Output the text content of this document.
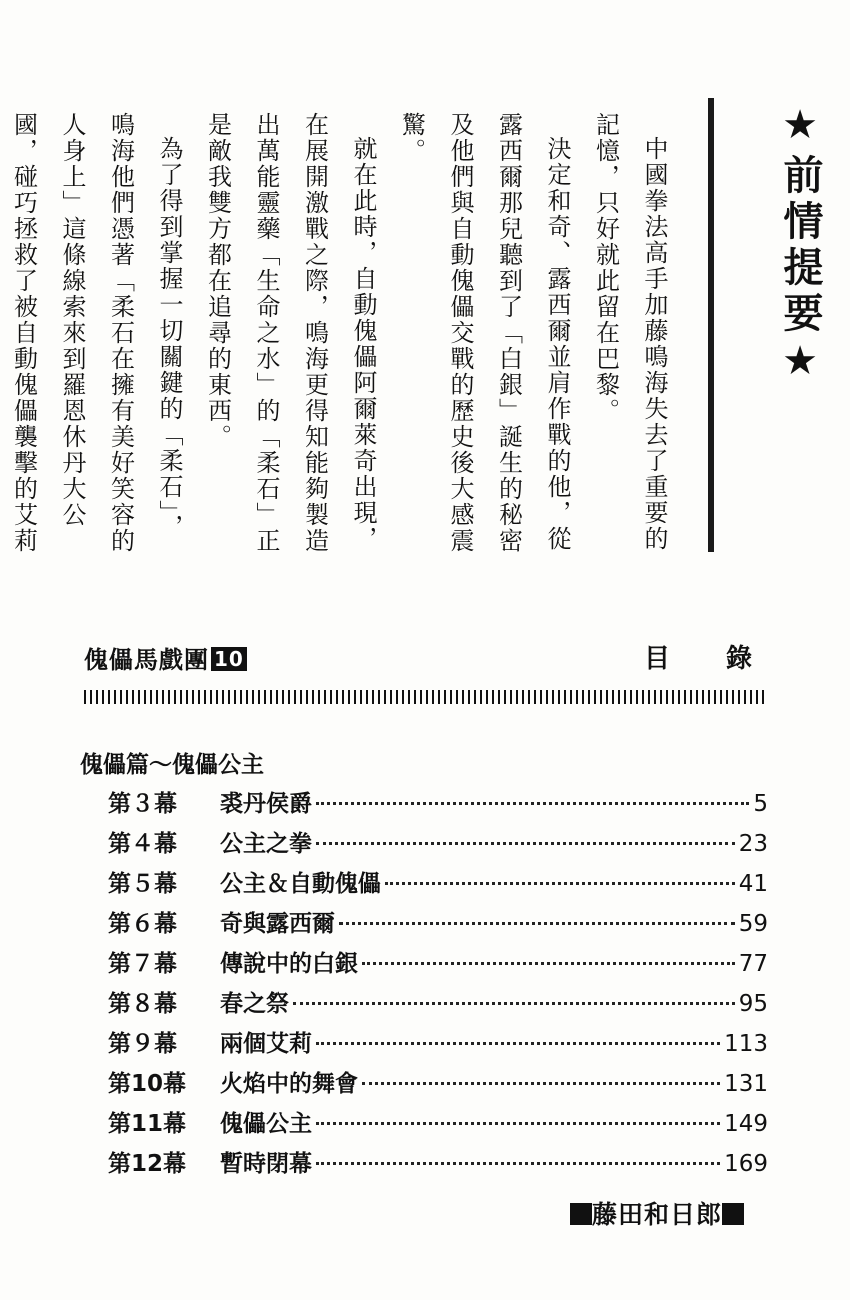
★前情提要★

中國拳法高手加藤鳴海失去了重要的記憶，只好就此留在巴黎。

決定和奇、露西爾並肩作戰的他，從露西爾那兒聽到了「白銀」誕生的秘密及他們與自動傀儡交戰的歷史後大感震驚。

就在此時，自動傀儡阿爾萊奇出現，在展開激戰之際，鳴海更得知能夠製造出萬能靈藥「生命之水」的「柔石」正是敵我雙方都在追尋的東西。

為了得到掌握一切關鍵的「柔石」，鳴海他們憑著「柔石在擁有美好笑容的人身上」這條線索來到羅恩休丹大公國，碰巧拯救了被自動傀儡襲擊的艾莉

傀儡馬戲團 10	目錄
傀儡篇～傀儡公主
第３幕	裘丹侯爵	5
第４幕	公主之拳	23
第５幕	公主＆自動傀儡	41
第６幕	奇與露西爾	59
第７幕	傳說中的白銀	77
第８幕	春之祭	95
第９幕	兩個艾莉	113
第10幕	火焰中的舞會	131
第11幕	傀儡公主	149
第12幕	暫時閉幕	169
藤田和日郎
